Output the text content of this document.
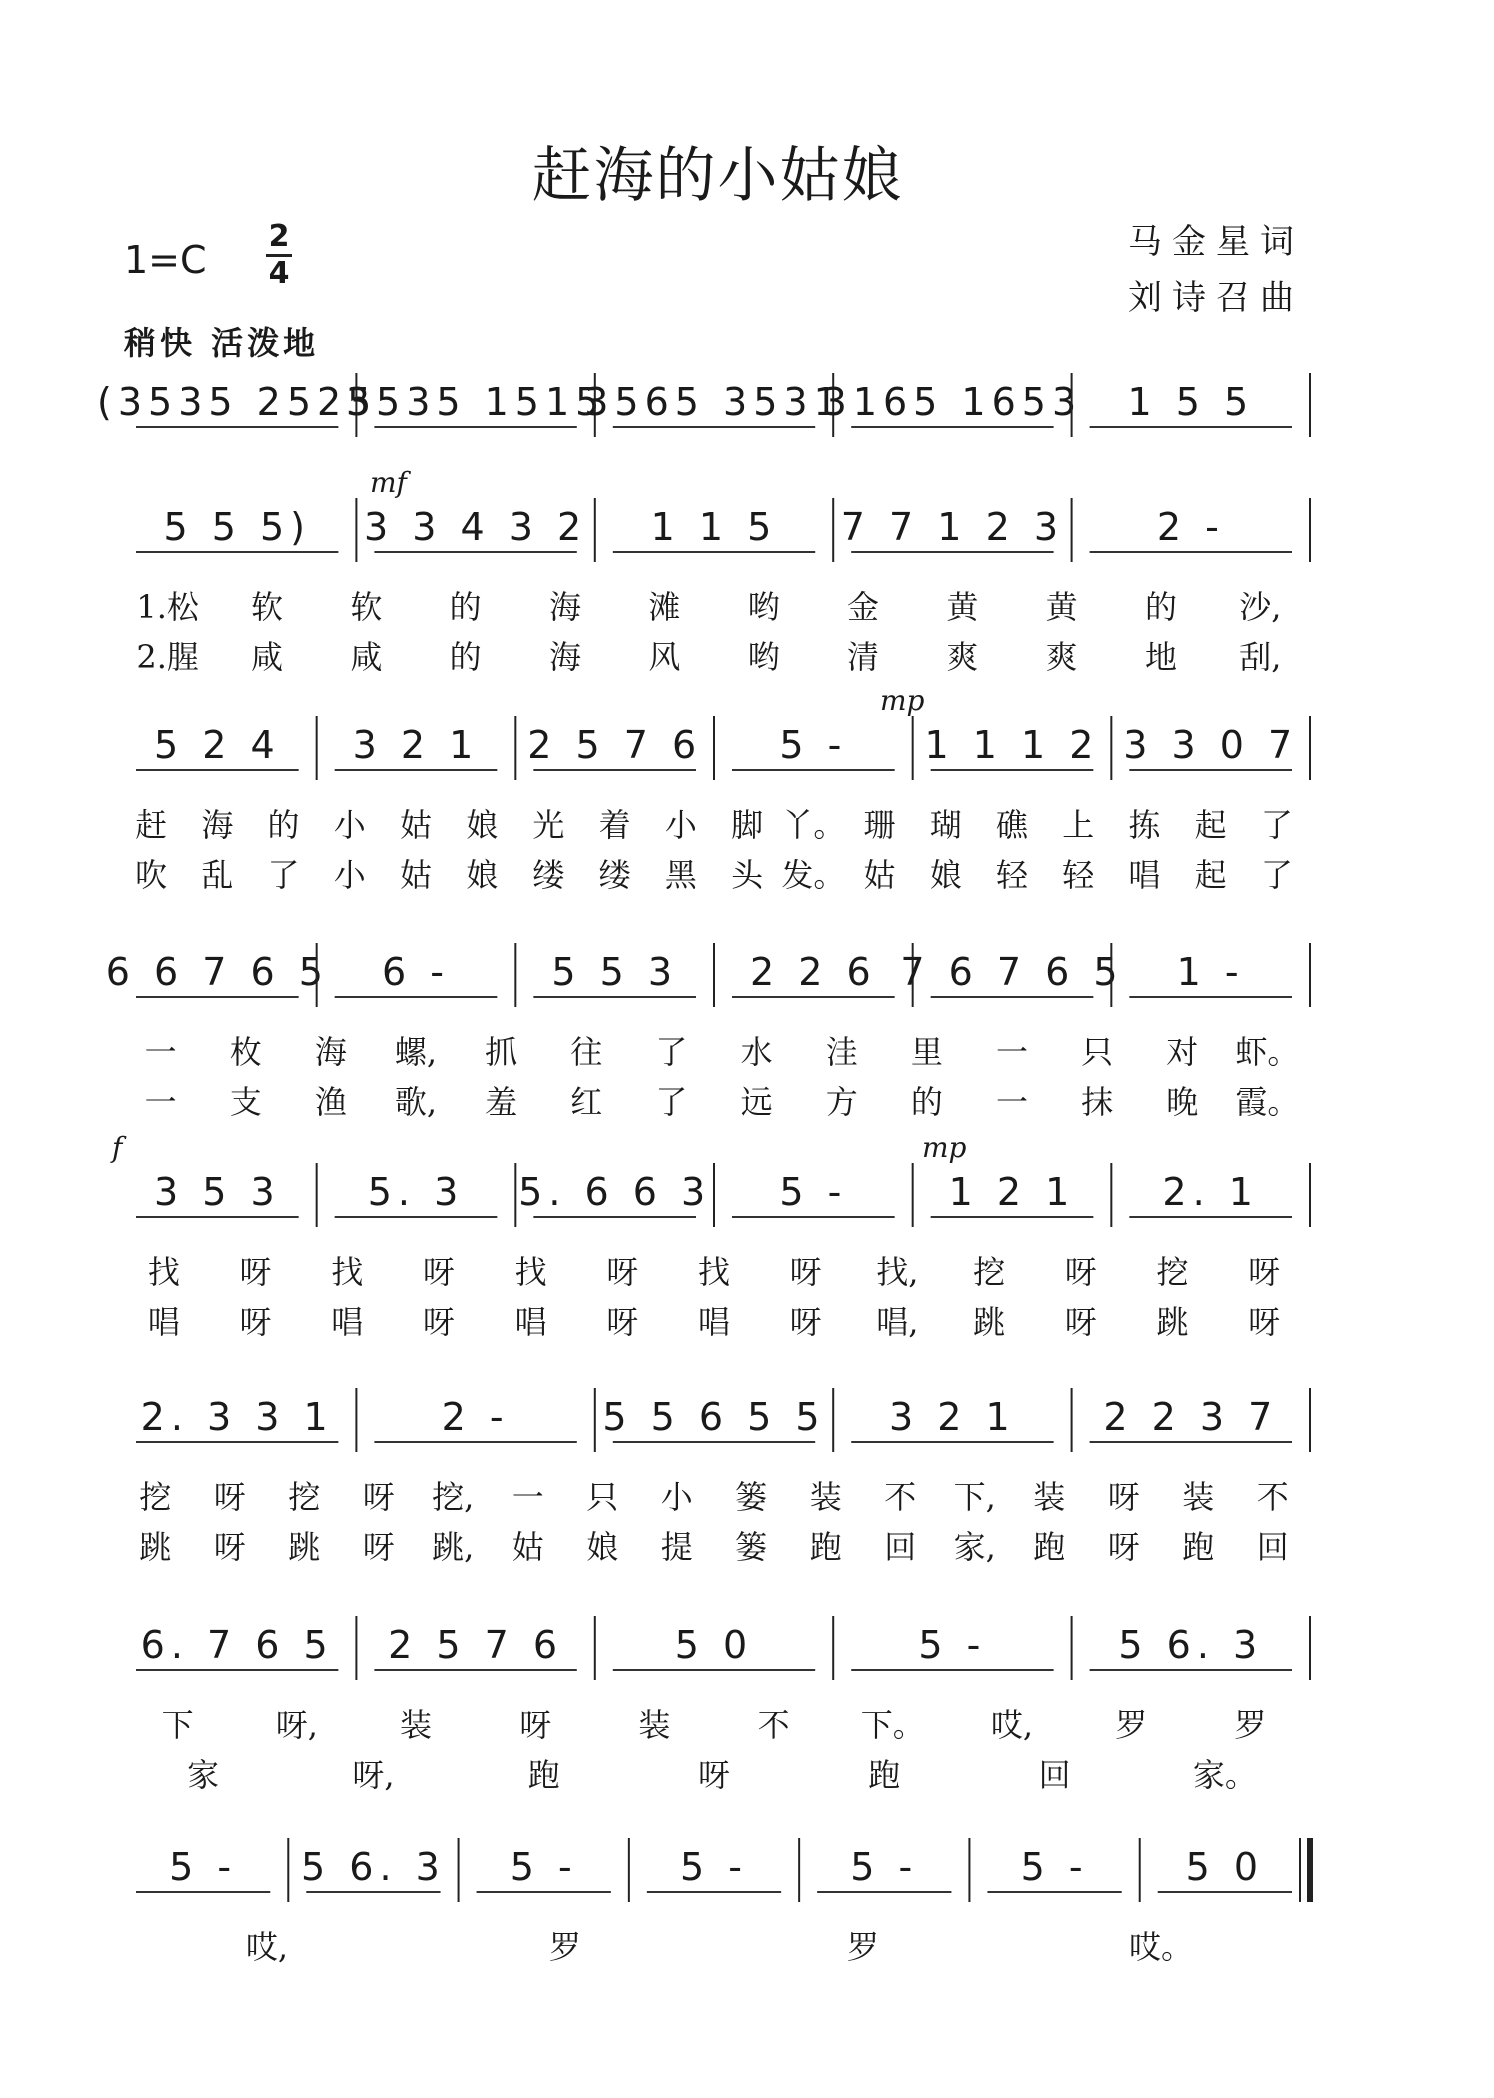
赶海的小姑娘
马金星词
刘诗召曲
1=C
2
4
稍快 活泼地
(3535 2525
3535 1515
3565 3531
3165 1653 1 5 5
5 5 5) 3 3 4 3 2 1 1 5 7 7 1 2 3 2 -
mf
1.松 软 软 的 海 滩 哟 金 黄 黄 的 沙,
2.腥 咸 咸 的 海 风 哟 清 爽 爽 地 刮,
5 2 4 3 2 1 2 5 7 6 5 - 1 1 1 2 3 3 0 7
mp
赶 海 的 小 姑 娘 光 着 小 脚 丫。 珊 瑚 礁 上 拣 起 了
吹 乱 了 小 姑 娘 缕 缕 黑 头 发。 姑 娘 轻 轻 唱 起 了
6 6 7 6 5 6 -	5 5 3 2 2 6 7 6 7 6 5 1 -
一 枚 海 螺, 抓 往 了 水 洼 里 一 只 对 虾。
一 支 渔 歌, 羞 红 了 远 方 的 一 抹 晚 霞。
3 5 3 5. 3 5. 6 6 3 5 -	1 2 1 2. 1
f	mp
找 呀 找 呀 找 呀 找 呀 找, 挖 呀 挖 呀
唱 呀 唱 呀 唱 呀 唱 呀 唱, 跳 呀 跳 呀
2. 3 3 1	2 - 5 5 6 5 5 3 2 1 2 2 3 7
挖 呀 挖 呀 挖, 一 只 小 篓 装 不 下, 装 呀 装 不
跳 呀 跳 呀 跳, 姑 娘 提 篓 跑 回 家, 跑 呀 跑 回
6. 7 6 5 2 5 7 6	5 0	5 -	5 6. 3
下	呀,	装	呀	装	不 下。 哎,	罗	罗
家	呀,	跑	呀	跑	回	家。
5 - 5 6. 3 5 -	5 -	5 -	5 -	5 0
哎,	罗	罗	哎。
